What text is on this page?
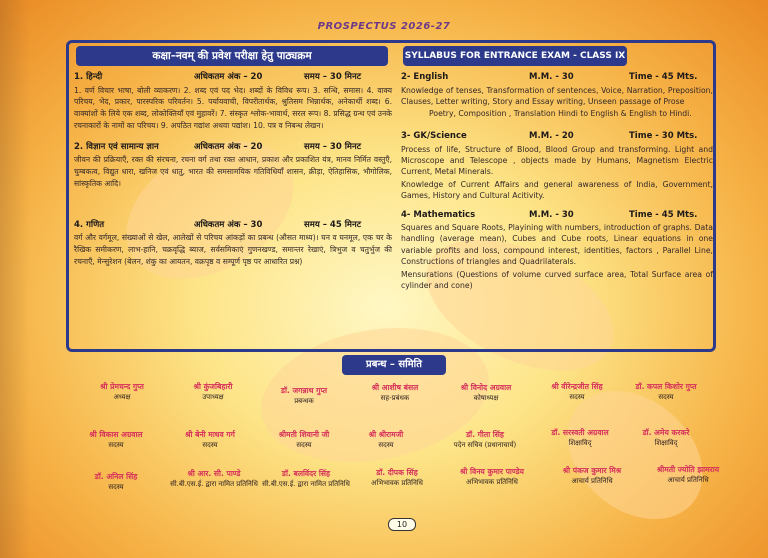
PROSPECTUS 2026-27
कक्षा–नवम् की प्रवेश परीक्षा हेतु पाठ्यक्रम
1. हिन्दी	अधिकतम अंक – 20	समय – 30 मिनट
1. वर्ण विचार भाषा, बोली व्याकरण। 2. शब्द एवं पद भेद। शब्दों के विविध रूप। 3. सन्धि, समास। 4. वाक्य परिचय, भेद, प्रकार, पारस्परिक परिवर्तन। 5. पर्यायवाची, विपरीतार्थक, श्रुतिसम भिन्नार्थक, अनेकार्थी शब्द। 6. वाक्यांशों के लिये एक शब्द, लोकोक्तियाँ एवं मुहावरें। 7. संस्कृत श्लोक-भावार्थ, सरल रूप। 8. प्रसिद्ध ग्रन्थ एवं उनके रचनाकारों के नामों का परिचय। 9. अपठित गद्यांश अथवा पद्यांश। 10. पत्र व निबन्ध लेखन।
2. विज्ञान एवं सामान्य ज्ञान	अधिकतम अंक – 20	समय – 30 मिनट
जीवन की प्रक्रियाएँ, रक्त की संरचना, रचना वर्ग तथा रक्त आधान, प्रकाश और प्रकाशित यंत्र, मानव निर्मित वस्तुएँ, चुम्बकत्व, विद्युत धारा, खनिज एवं धातु, भारत की समसामयिक गतिविधियाँ शासन, क्रीड़ा, ऐतिहासिक, भौगोलिक, सांस्कृतिक आदि।
4. गणित	अधिकतम अंक – 30	समय – 45 मिनट
वर्ग और वर्गमूल, संख्याओं से खेल, आलेखों से परिचय आंकड़ों का प्रबन्ध (औसत माध्य)। घन व घनमूल, एक चर के रैखिक समीकरण, लाभ-हानि, चक्रवृद्धि ब्याज, सर्वसमिकाएं गुणनखण्ड, समान्तर रेखाएं, त्रिभुज व चतुर्भुज की रचनाएँ, मेन्सुरेशन (बेलन, शंकु का आयतन, वक्रपृष्ठ व सम्पूर्ण पृष्ठ पर आधारित प्रश्न)
SYLLABUS FOR ENTRANCE EXAM - CLASS IX
2- English	M.M. - 30	Time - 45 Mts.
Knowledge of tenses, Transformation of sentences, Voice, Narration, Preposition, Clauses, Letter writing, Story and Essay writing, Unseen passage of Prose
Poetry, Composition , Translation Hindi to English & English to Hindi.
3- GK/Science	M.M. - 20	Time - 30 Mts.
Process of life, Structure of Blood, Blood Group and transforming. Light and Microscope and Telescope , objects made by Humans, Magnetism Electric Current, Metal Minerals.
Knowledge of Current Affairs and general awareness of India, Government, Games, History and Cultural Acitivity.
4- Mathematics	M.M. - 30	Time - 45 Mts.
Squares and Square Roots, Playining with numbers, introduction of graphs. Data handling (average mean), Cubes and Cube roots, Linear equations in one variable profits and loss, compound interest, identities, factors , Parallel Line, Constructions of triangles and Quadrilaterals.
Mensurations (Questions of volume curved surface area, Total Surface area of cylinder and cone)
प्रबन्ध – समिति
श्री प्रेमचन्द गुप्त
अध्यक्ष
श्री कुंजबिहारी
उपाध्यक्ष
डॉ. जगन्नाथ गुप्त
प्रबन्धक
श्री आशीष बंसल
सह-प्रबंधक
श्री विनोद अग्रवाल
कोषाध्यक्ष
श्री वीरेन्द्रजीत सिंह
सदस्य
डॉ. कपल किशोर गुप्त
सदस्य
श्री विकास अग्रवाल
सदस्य
श्री बेनी माधव गर्ग
सदस्य
श्रीमती शिवानी जी
सदस्य
श्री श्रीरामजी
सदस्य
डॉ. गीता सिंह
पदेन सचिव (प्रधानाचार्य)
डॉ. सरस्वती अग्रवाल
शिक्षाविद्
डॉ. अमेय करकरे
शिक्षाविद्
डॉ. अनिल सिंह
सदस्य
श्री आर. सी. पाण्डे
सी.बी.एस.ई. द्वारा नामित प्रतिनिधि
डॉ. बलविंदर सिंह
सी.बी.एस.ई. द्वारा नामित प्रतिनिधि
डॉ. दीपक सिंह
अभिभावक प्रतिनिधि
श्री विनय कुमार पाण्डेय
अभिभावक प्रतिनिधि
श्री पंकज कुमार मिश्र
आचार्य प्रतिनिधि
श्रीमती ज्योति झामराय
आचार्य प्रतिनिधि
10
